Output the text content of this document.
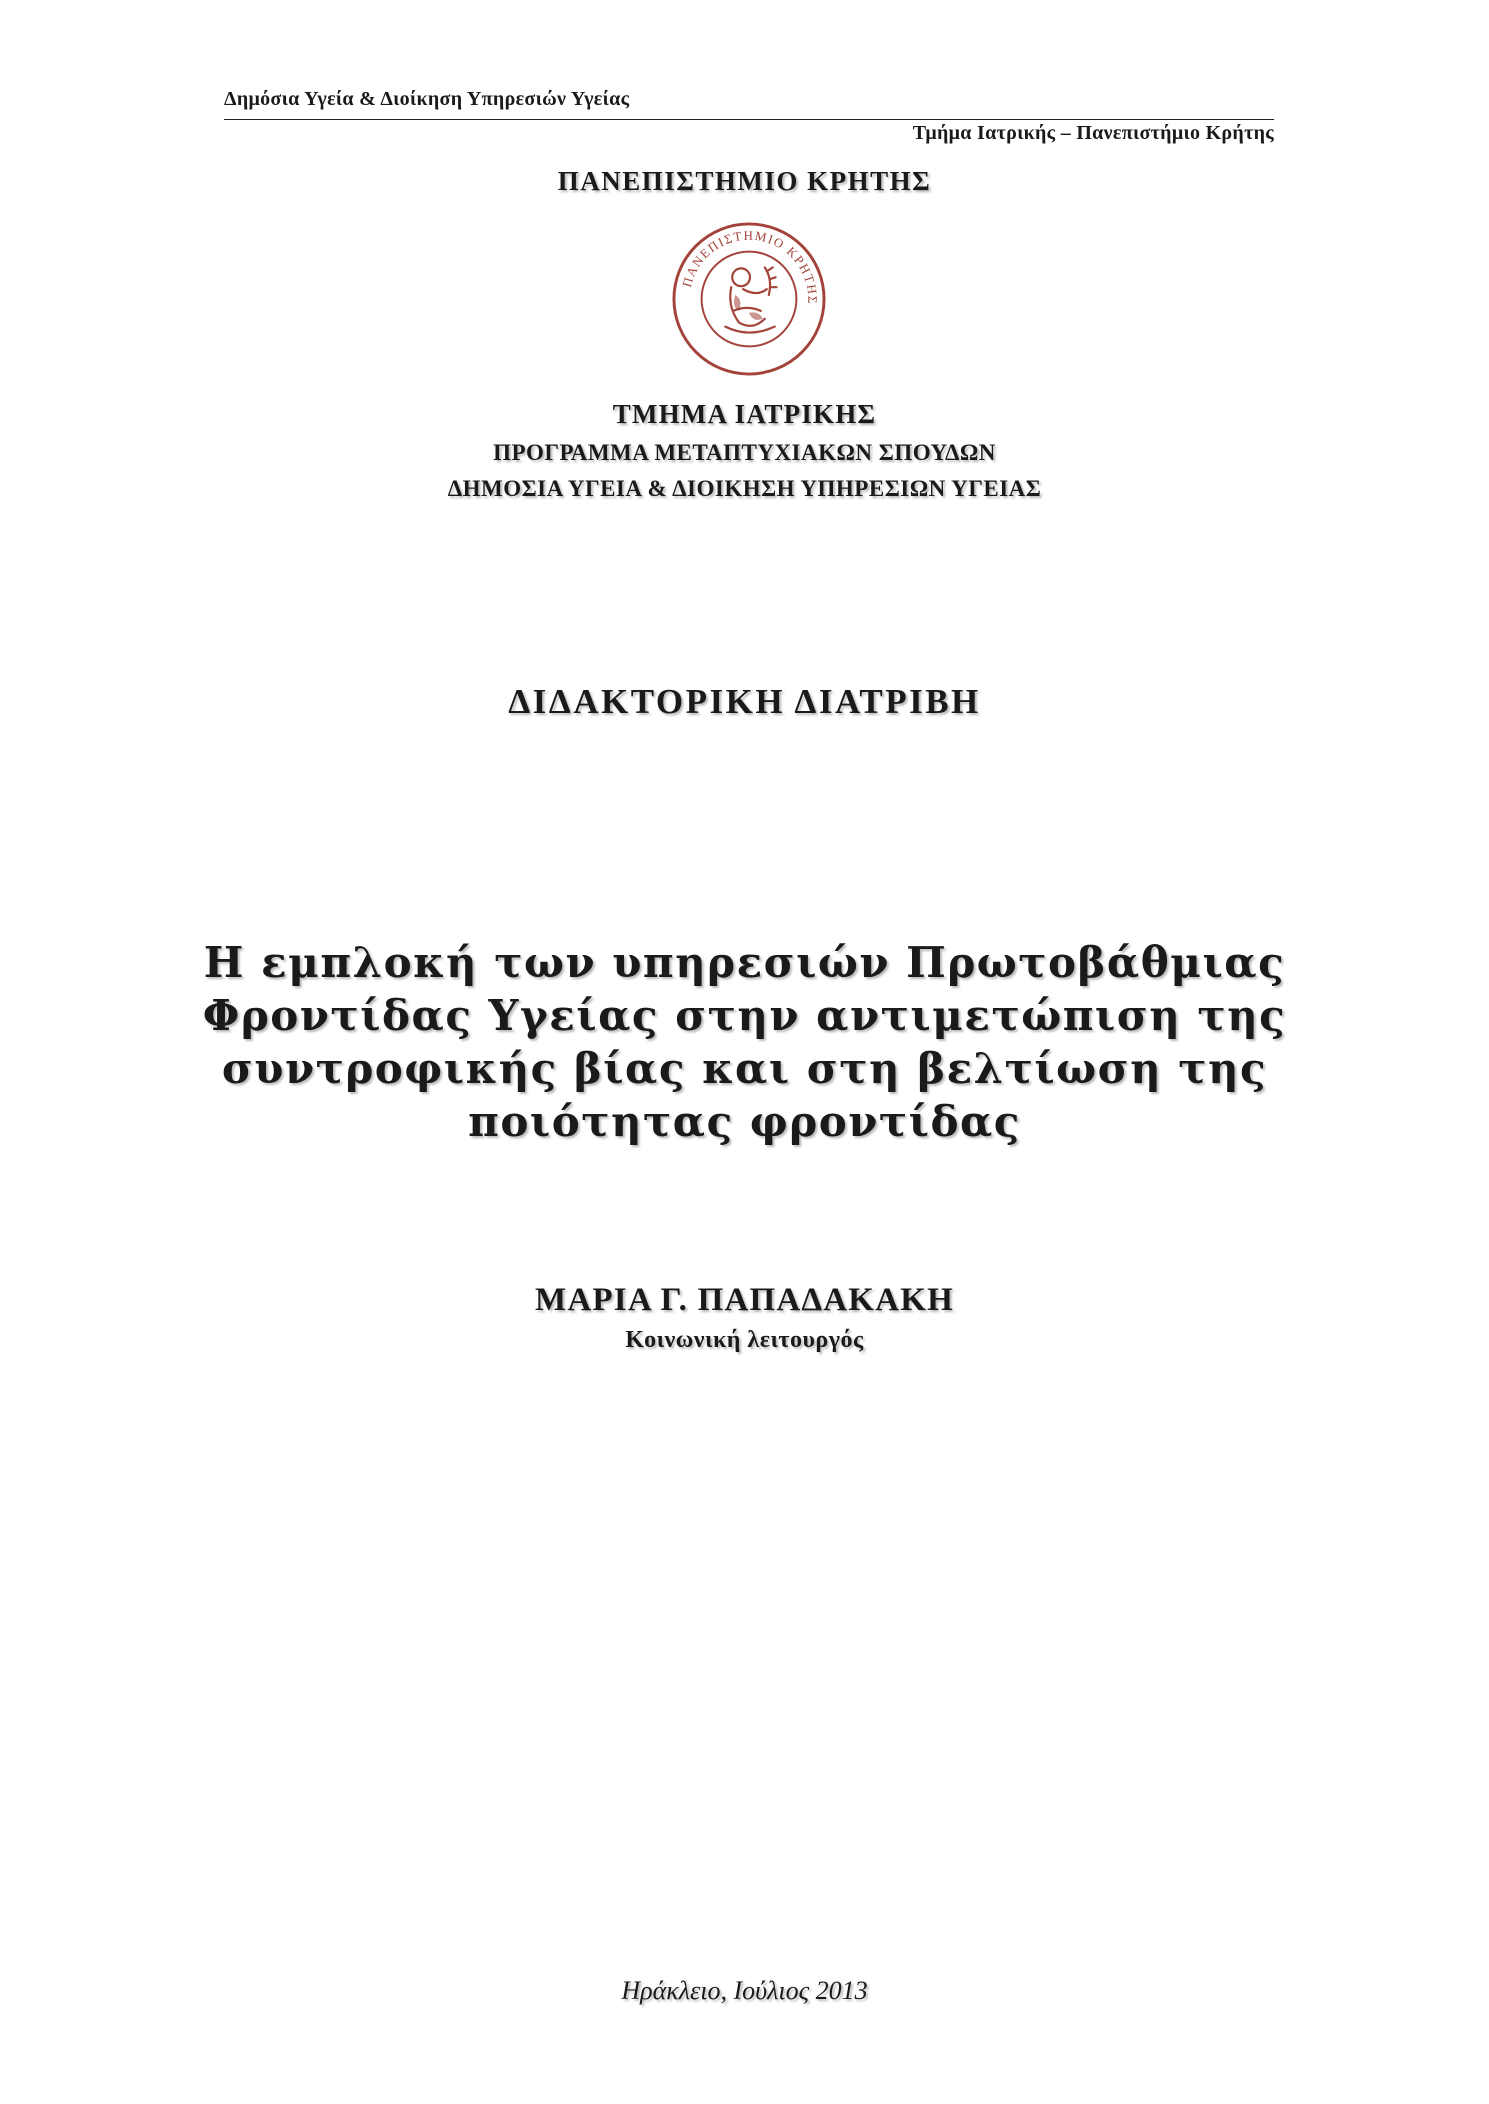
Δημόσια Υγεία & Διοίκηση Υπηρεσιών Υγείας
Τμήμα Ιατρικής – Πανεπιστήμιο Κρήτης
ΠΑΝΕΠΙΣΤΗΜΙΟ ΚΡΗΤΗΣ
ΠΑΝΕΠΙΣΤΗΜΙΟ ΚΡΗΤΗΣ
ΤΜΗΜΑ ΙΑΤΡΙΚΗΣ
ΠΡΟΓΡΑΜΜΑ ΜΕΤΑΠΤΥΧΙΑΚΩΝ ΣΠΟΥΔΩΝ
ΔΗΜΟΣΙΑ ΥΓΕΙΑ & ΔΙΟΙΚΗΣΗ ΥΠΗΡΕΣΙΩΝ ΥΓΕΙΑΣ
ΔΙΔΑΚΤΟΡΙΚΗ ΔΙΑΤΡΙΒΗ
Η εμπλοκή των υπηρεσιών Πρωτοβάθμιας
Φροντίδας Υγείας στην αντιμετώπιση της
συντροφικής βίας και στη βελτίωση της
ποιότητας φροντίδας
ΜΑΡΙΑ Γ. ΠΑΠΑΔΑΚΑΚΗ
Κοινωνική λειτουργός
Ηράκλειο, Ιούλιος 2013
